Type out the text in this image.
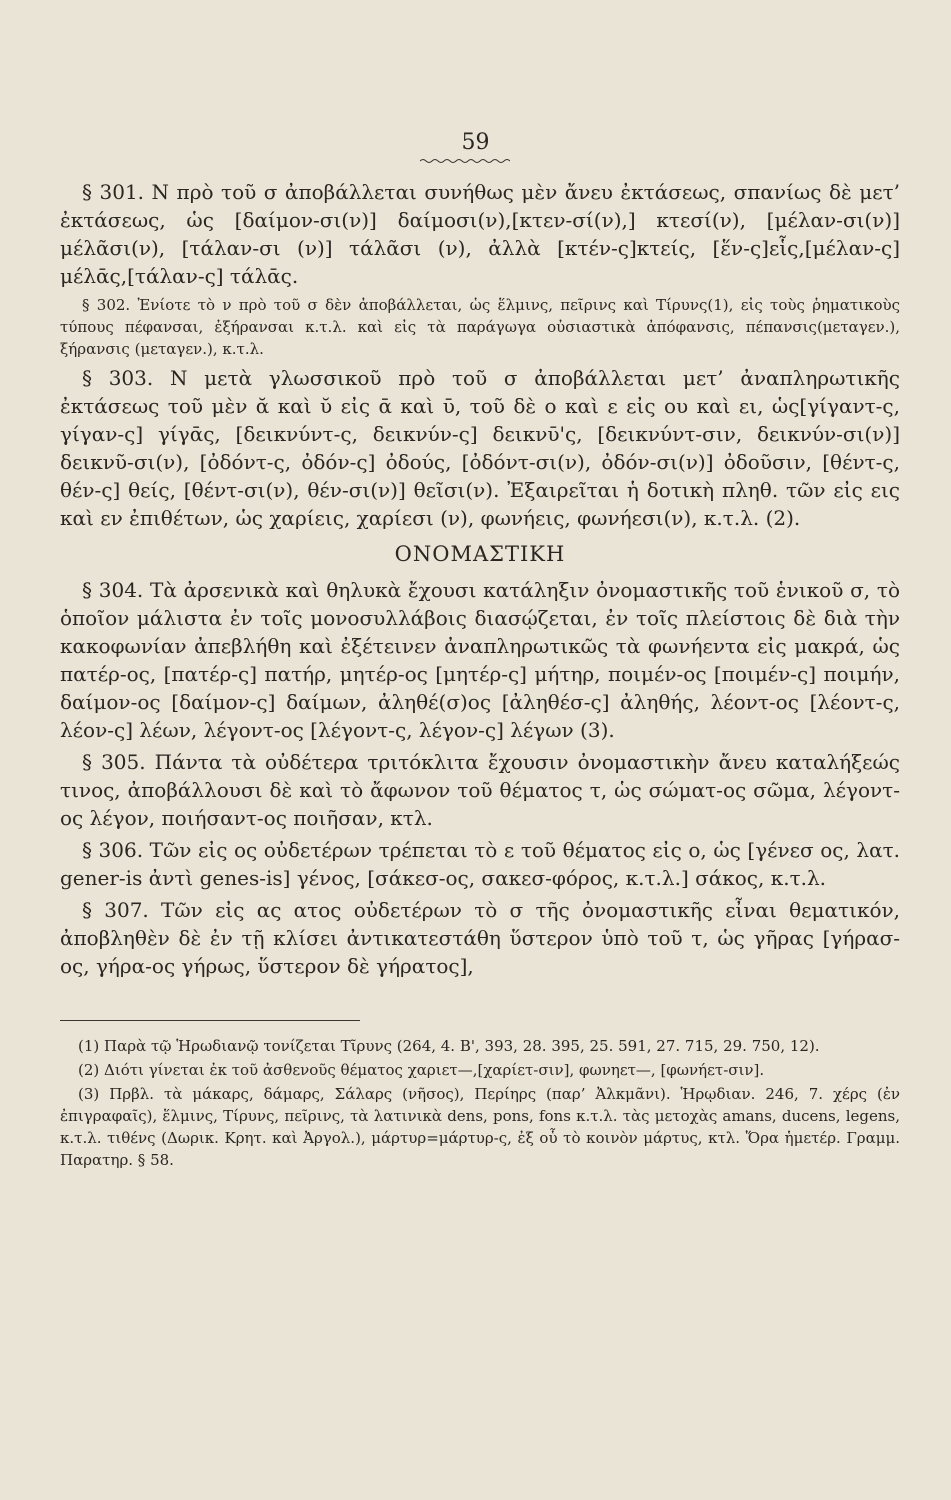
59

§ 301. Ν πρὸ τοῦ σ ἀποβάλλεται συνήθως μὲν ἄνευ ἐκτάσεως, σπανίως δὲ μετ’ ἐκτάσεως, ὡς [δαίμον-σι(ν)] δαίμοσι(ν),[κτεν-σί(ν),] κτεσί(ν), [μέλαν-σι(ν)] μέλᾶσι(ν), [τάλαν-σι (ν)] τάλᾶσι (ν), ἀλλὰ [κτέν-ς]κτείς, [ἕν-ς]εἷς,[μέλαν-ς] μέλᾱς,[τάλαν-ς] τάλᾱς.

§ 302. Ἐνίοτε τὸ ν πρὸ τοῦ σ δὲν ἀποβάλλεται, ὡς ἕλμινς, πεῖρινς καὶ Τίρυνς(1), εἰς τοὺς ῥηματικοὺς τύπους πέφανσαι, ἐξήρανσαι κ.τ.λ. καὶ εἰς τὰ παράγωγα οὐσιαστικὰ ἀπόφανσις, πέπανσις(μεταγεν.), ξήρανσις (μεταγεν.), κ.τ.λ.

§ 303. Ν μετὰ γλωσσικοῦ πρὸ τοῦ σ ἀποβάλλεται μετ’ ἀναπληρωτικῆς ἐκτάσεως τοῦ μὲν ᾰ καὶ ῠ εἰς ᾱ καὶ ῡ, τοῦ δὲ ο καὶ ε εἰς ου καὶ ει, ὡς[γίγαντ-ς, γίγαν-ς] γίγᾱς, [δεικνύντ-ς, δεικνύν-ς] δεικνῡ'ς, [δεικνύντ-σιν, δεικνύν-σι(ν)] δεικνῦ-σι(ν), [ὀδόντ-ς, ὀδόν-ς] ὀδούς, [ὀδόντ-σι(ν), ὀδόν-σι(ν)] ὀδοῦσιν, [θέντ-ς, θέν-ς] θείς, [θέντ-σι(ν), θέν-σι(ν)] θεῖσι(ν). Ἐξαιρεῖται ἡ δοτικὴ πληθ. τῶν εἰς εις καὶ εν ἐπιθέτων, ὡς χαρίεις, χαρίεσι (ν), φωνήεις, φωνήεσι(ν), κ.τ.λ. (2).

ΟΝΟΜΑΣΤΙΚΗ

§ 304. Τὰ ἀρσενικὰ καὶ θηλυκὰ ἔχουσι κατάληξιν ὀνομαστικῆς τοῦ ἑνικοῦ σ, τὸ ὁποῖον μάλιστα ἐν τοῖς μονοσυλλάβοις διασῴζεται, ἐν τοῖς πλείστοις δὲ διὰ τὴν κακοφωνίαν ἀπεβλήθη καὶ ἐξέτεινεν ἀναπληρωτικῶς τὰ φωνήεντα εἰς μακρά, ὡς πατέρ-ος, [πατέρ-ς] πατήρ, μητέρ-ος [μητέρ-ς] μήτηρ, ποιμέν-ος [ποιμέν-ς] ποιμήν, δαίμον-ος [δαίμον-ς] δαίμων, ἀληθέ(σ)ος [ἀληθέσ-ς] ἀληθής, λέοντ-ος [λέοντ-ς, λέον-ς] λέων, λέγοντ-ος [λέγοντ-ς, λέγον-ς] λέγων (3).

§ 305. Πάντα τὰ οὐδέτερα τριτόκλιτα ἔχουσιν ὀνομαστικὴν ἄνευ καταλήξεώς τινος, ἀποβάλλουσι δὲ καὶ τὸ ἄφωνον τοῦ θέματος τ, ὡς σώματ-ος σῶμα, λέγοντ-ος λέγον, ποιήσαντ-ος ποιῆσαν, κτλ.

§ 306. Τῶν εἰς ος οὐδετέρων τρέπεται τὸ ε τοῦ θέματος εἰς ο, ὡς [γένεσ ος, λατ. gener-is ἀντὶ genes-is] γένος, [σάκεσ-ος, σακεσ-φόρος, κ.τ.λ.] σάκος, κ.τ.λ.

§ 307. Τῶν εἰς ας ατος οὐδετέρων τὸ σ τῆς ὀνομαστικῆς εἶναι θεματικόν, ἀποβληθὲν δὲ ἐν τῇ κλίσει ἀντικατεστάθη ὕστερον ὑπὸ τοῦ τ, ὡς γῆρας [γήρασ-ος, γήρα-ος γήρως, ὕστερον δὲ γήρατος],

(1) Παρὰ τῷ Ἡρωδιανῷ τονίζεται Τῖρυνς (264, 4. Β', 393, 28. 395, 25. 591, 27. 715, 29. 750, 12).
(2) Διότι γίνεται ἐκ τοῦ ἀσθενοῦς θέματος χαριετ—,[χαρίετ-σιν], φωνηετ—, [φωνήετ-σιν].
(3) Πρβλ. τὰ μάκαρς, δάμαρς, Σάλαρς (νῆσος), Περίηρς (παρ’ Ἀλκμᾶνι). Ἡρῳδιαν. 246, 7. χέρς (ἐν ἐπιγραφαῖς), ἕλμινς, Τίρυνς, πεῖρινς, τὰ λατινικὰ dens, pons, fons κ.τ.λ. τὰς μετοχὰς amans, ducens, legens, κ.τ.λ. τιθένς (Δωρικ. Κρητ. καὶ Ἀργολ.), μάρτυρ=μάρτυρ-ς, ἐξ οὗ τὸ κοινὸν μάρτυς, κτλ. Ὅρα ἡμετέρ. Γραμμ. Παρατηρ. § 58.
